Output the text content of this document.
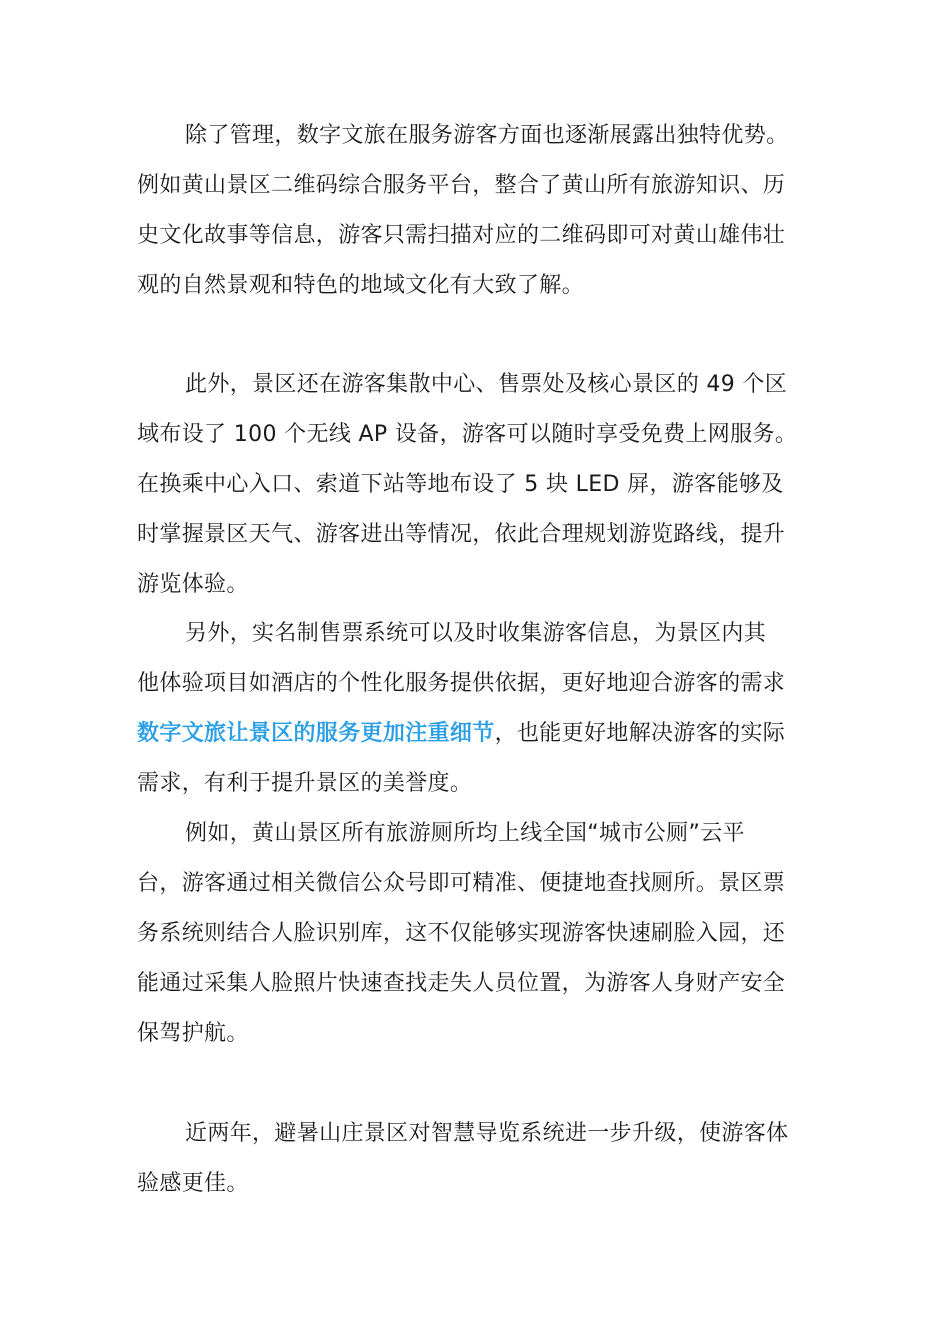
除了管理，数字文旅在服务游客方面也逐渐展露出独特优势。
例如黄山景区二维码综合服务平台，整合了黄山所有旅游知识、历
史文化故事等信息，游客只需扫描对应的二维码即可对黄山雄伟壮
观的自然景观和特色的地域文化有大致了解。
此外，景区还在游客集散中心、售票处及核心景区的 49 个区
域布设了 100 个无线 AP 设备，游客可以随时享受免费上网服务。
在换乘中心入口、索道下站等地布设了 5 块 LED 屏，游客能够及
时掌握景区天气、游客进出等情况，依此合理规划游览路线，提升
游览体验。
另外，实名制售票系统可以及时收集游客信息，为景区内其
他体验项目如酒店的个性化服务提供依据，更好地迎合游客的需求
数字文旅让景区的服务更加注重细节，也能更好地解决游客的实际
需求，有利于提升景区的美誉度。
例如，黄山景区所有旅游厕所均上线全国“城市公厕”云平
台，游客通过相关微信公众号即可精准、便捷地查找厕所。景区票
务系统则结合人脸识别库，这不仅能够实现游客快速刷脸入园，还
能通过采集人脸照片快速查找走失人员位置，为游客人身财产安全
保驾护航。
近两年，避暑山庄景区对智慧导览系统进一步升级，使游客体
验感更佳。
